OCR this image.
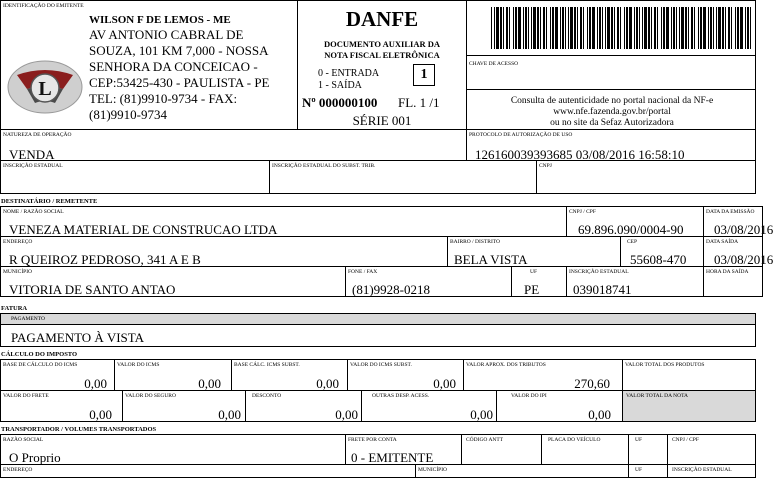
IDENTIFICAÇÃO DO EMITENTE
WILSON F DE LEMOS - ME
L
AV ANTONIO CABRAL DE
SOUZA, 101 KM 7,000 - NOSSA
SENHORA DA CONCEICAO -
CEP:53425-430 - PAULISTA - PE
TEL: (81)9910-9734 - FAX:
(81)9910-9734
DANFE
DOCUMENTO AUXILIAR DA
NOTA FISCAL ELETRÔNICA
0 - ENTRADA
1 - SAÍDA
1
Nº 000000100 FL. 1 /1
SÉRIE 001
CHAVE DE ACESSO
Consulta de autenticidade no portal nacional da NF-e
www.nfe.fazenda.gov.br/portal
ou no site da Sefaz Autorizadora
NATUREZA DE OPERAÇÃO
VENDA
PROTOCOLO DE AUTORIZAÇÃO DE USO
126160039393685 03/08/2016 16:58:10
INSCRIÇÃO ESTADUAL	INSCRIÇÃO ESTADUAL DO SUBST. TRIB.	CNPJ
DESTINATÁRIO / REMETENTE
NOME / RAZÃO SOCIAL
VENEZA MATERIAL DE CONSTRUCAO LTDA
CNPJ / CPF
69.896.090/0004-90
DATA DA EMISSÃO
03/08/2016
ENDEREÇO
R QUEIROZ PEDROSO, 341 A E B
BAIRRO / DISTRITO
BELA VISTA
CEP
55608-470
DATA SAÍDA
03/08/2016
MUNICÍPIO
VITORIA DE SANTO ANTAO
FONE / FAX
(81)9928-0218
UF
PE
INSCRIÇÃO ESTADUAL
039018741
HORA DA SAÍDA
FATURA
PAGAMENTO
PAGAMENTO À VISTA
CÁLCULO DO IMPOSTO
BASE DE CÁLCULO DO ICMS
0,00
VALOR DO ICMS
0,00
BASE CÁLC. ICMS SUBST.
0,00
VALOR DO ICMS SUBST.
0,00
VALOR APROX. DOS TRIBUTOS
270,60
VALOR TOTAL DOS PRODUTOS
VALOR DO FRETE
0,00
VALOR DO SEGURO
0,00
DESCONTO
0,00
OUTRAS DESP. ACESS.
0,00
VALOR DO IPI
0,00
VALOR TOTAL DA NOTA
TRANSPORTADOR / VOLUMES TRANSPORTADOS
RAZÃO SOCIAL
O Proprio
FRETE POR CONTA
0 - EMITENTE
CÓDIGO ANTT	PLACA DO VEÍCULO	UF	CNPJ / CPF
ENDEREÇO	MUNICÍPIO	UF	INSCRIÇÃO ESTADUAL
